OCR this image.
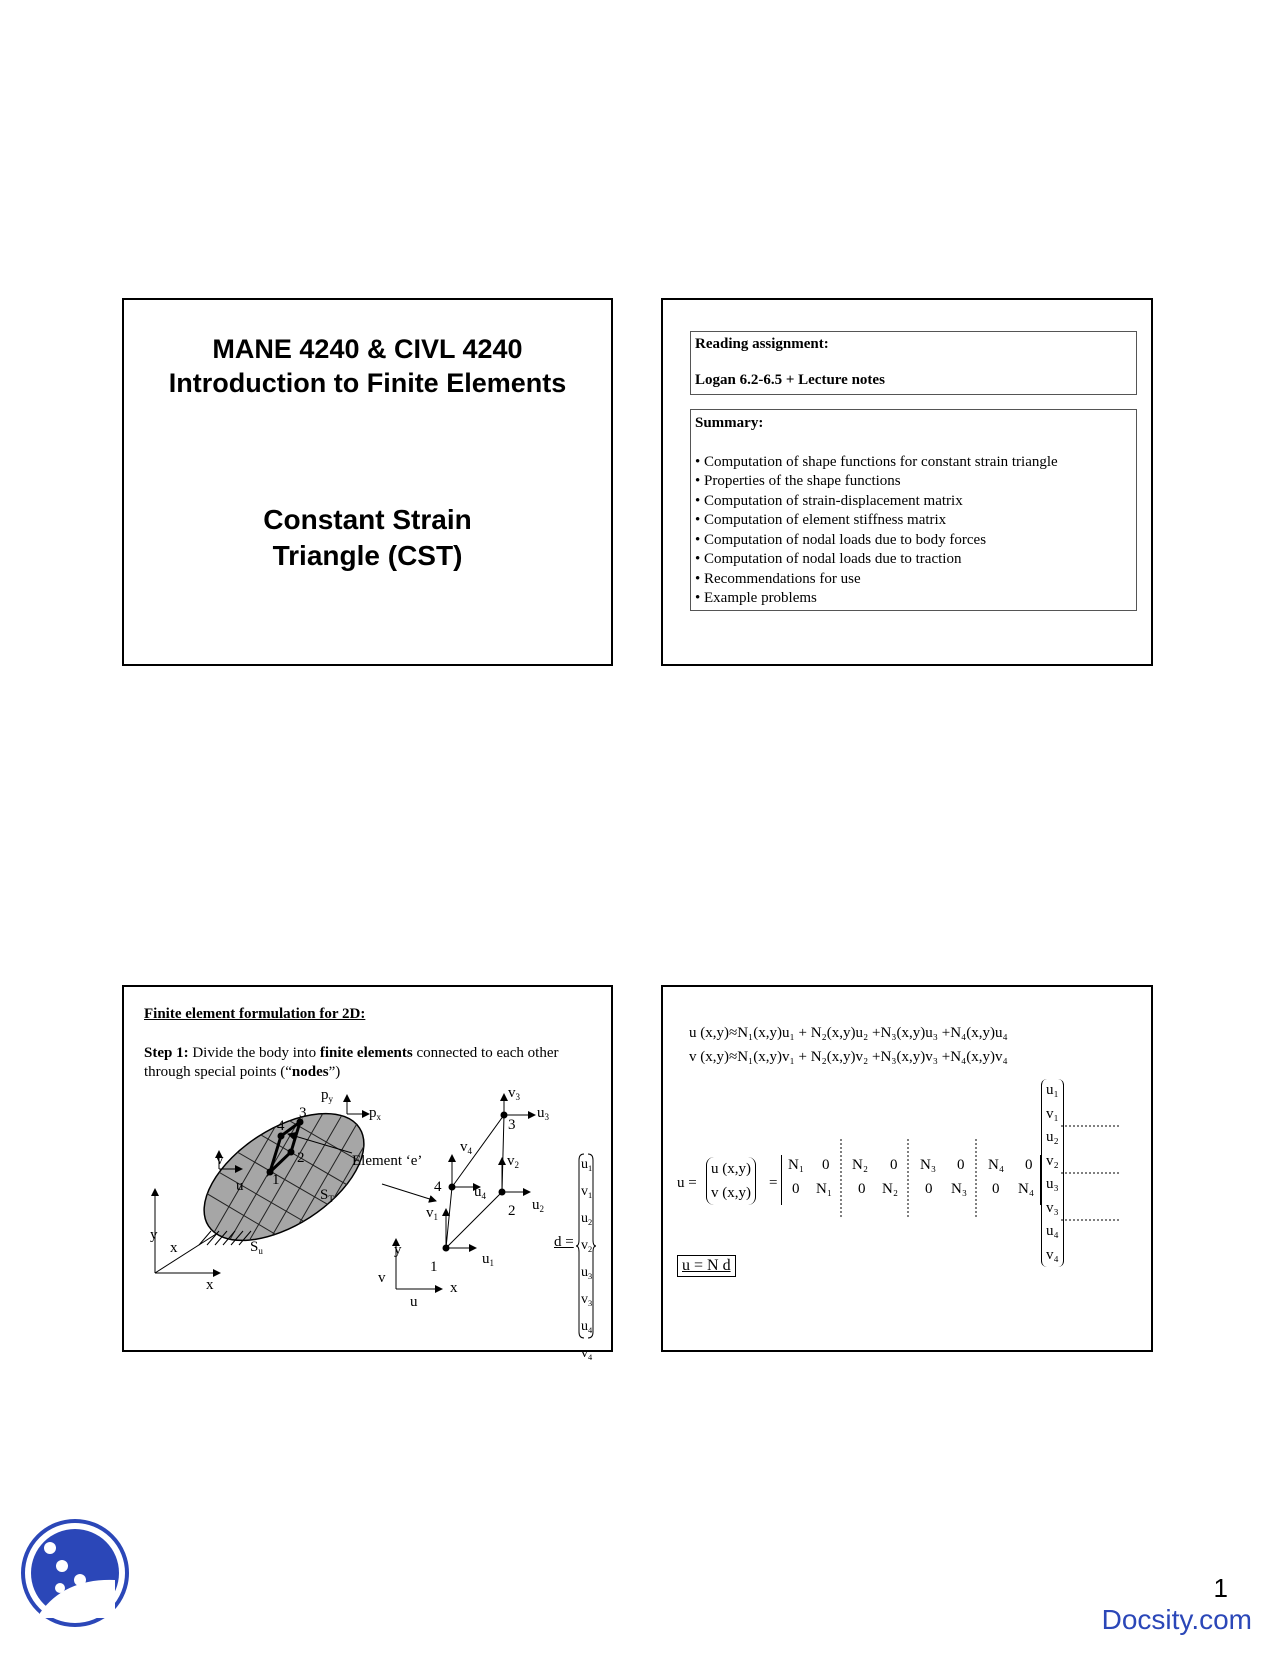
MANE 4240 & CIVL 4240
Introduction to Finite Elements
Constant Strain
Triangle (CST)
Reading assignment:
Logan 6.2-6.5 + Lecture notes
Summary:
• Computation of shape functions for constant strain triangle
• Properties of the shape functions
• Computation of strain-displacement matrix
• Computation of element stiffness matrix
• Computation of nodal loads due to body forces
• Computation of nodal loads due to traction
• Recommendations for use
• Example problems
Finite element formulation for 2D:
Step 1: Divide the body into finite elements connected to each other through special points (“nodes”)
$p_y$
$p_x$
3
4
2
1
v
u
Element ‘e’
$S_T$
$S_u$
y
x
x	y
x
v
u
1
2
3
4
$v_1$
$u_1$
$v_2$
$u_2$
$v_3$
$u_3$
$v_4$
$u_4$
d =
$u_1$
$v_1$
$u_2$
$v_2$
$u_3$
$v_3$
$u_4$
$v_4$
u (x,y)≈N₁(x,y)u₁ + N₂(x,y)u₂ +N₃(x,y)u₃ +N₄(x,y)u₄
v (x,y)≈N₁(x,y)v₁ + N₂(x,y)v₂ +N₃(x,y)v₃ +N₄(x,y)v₄
u =
u (x,y)
v (x,y)
=
N₁ 0 N₂ 0 N₃ 0 N₄ 0
0 N₁ 0 N₂ 0 N₃ 0 N₄
u₁
v₁
u₂
v₂
u₃
v₃
u₄
v₄
u = N d
1
Docsity.com
